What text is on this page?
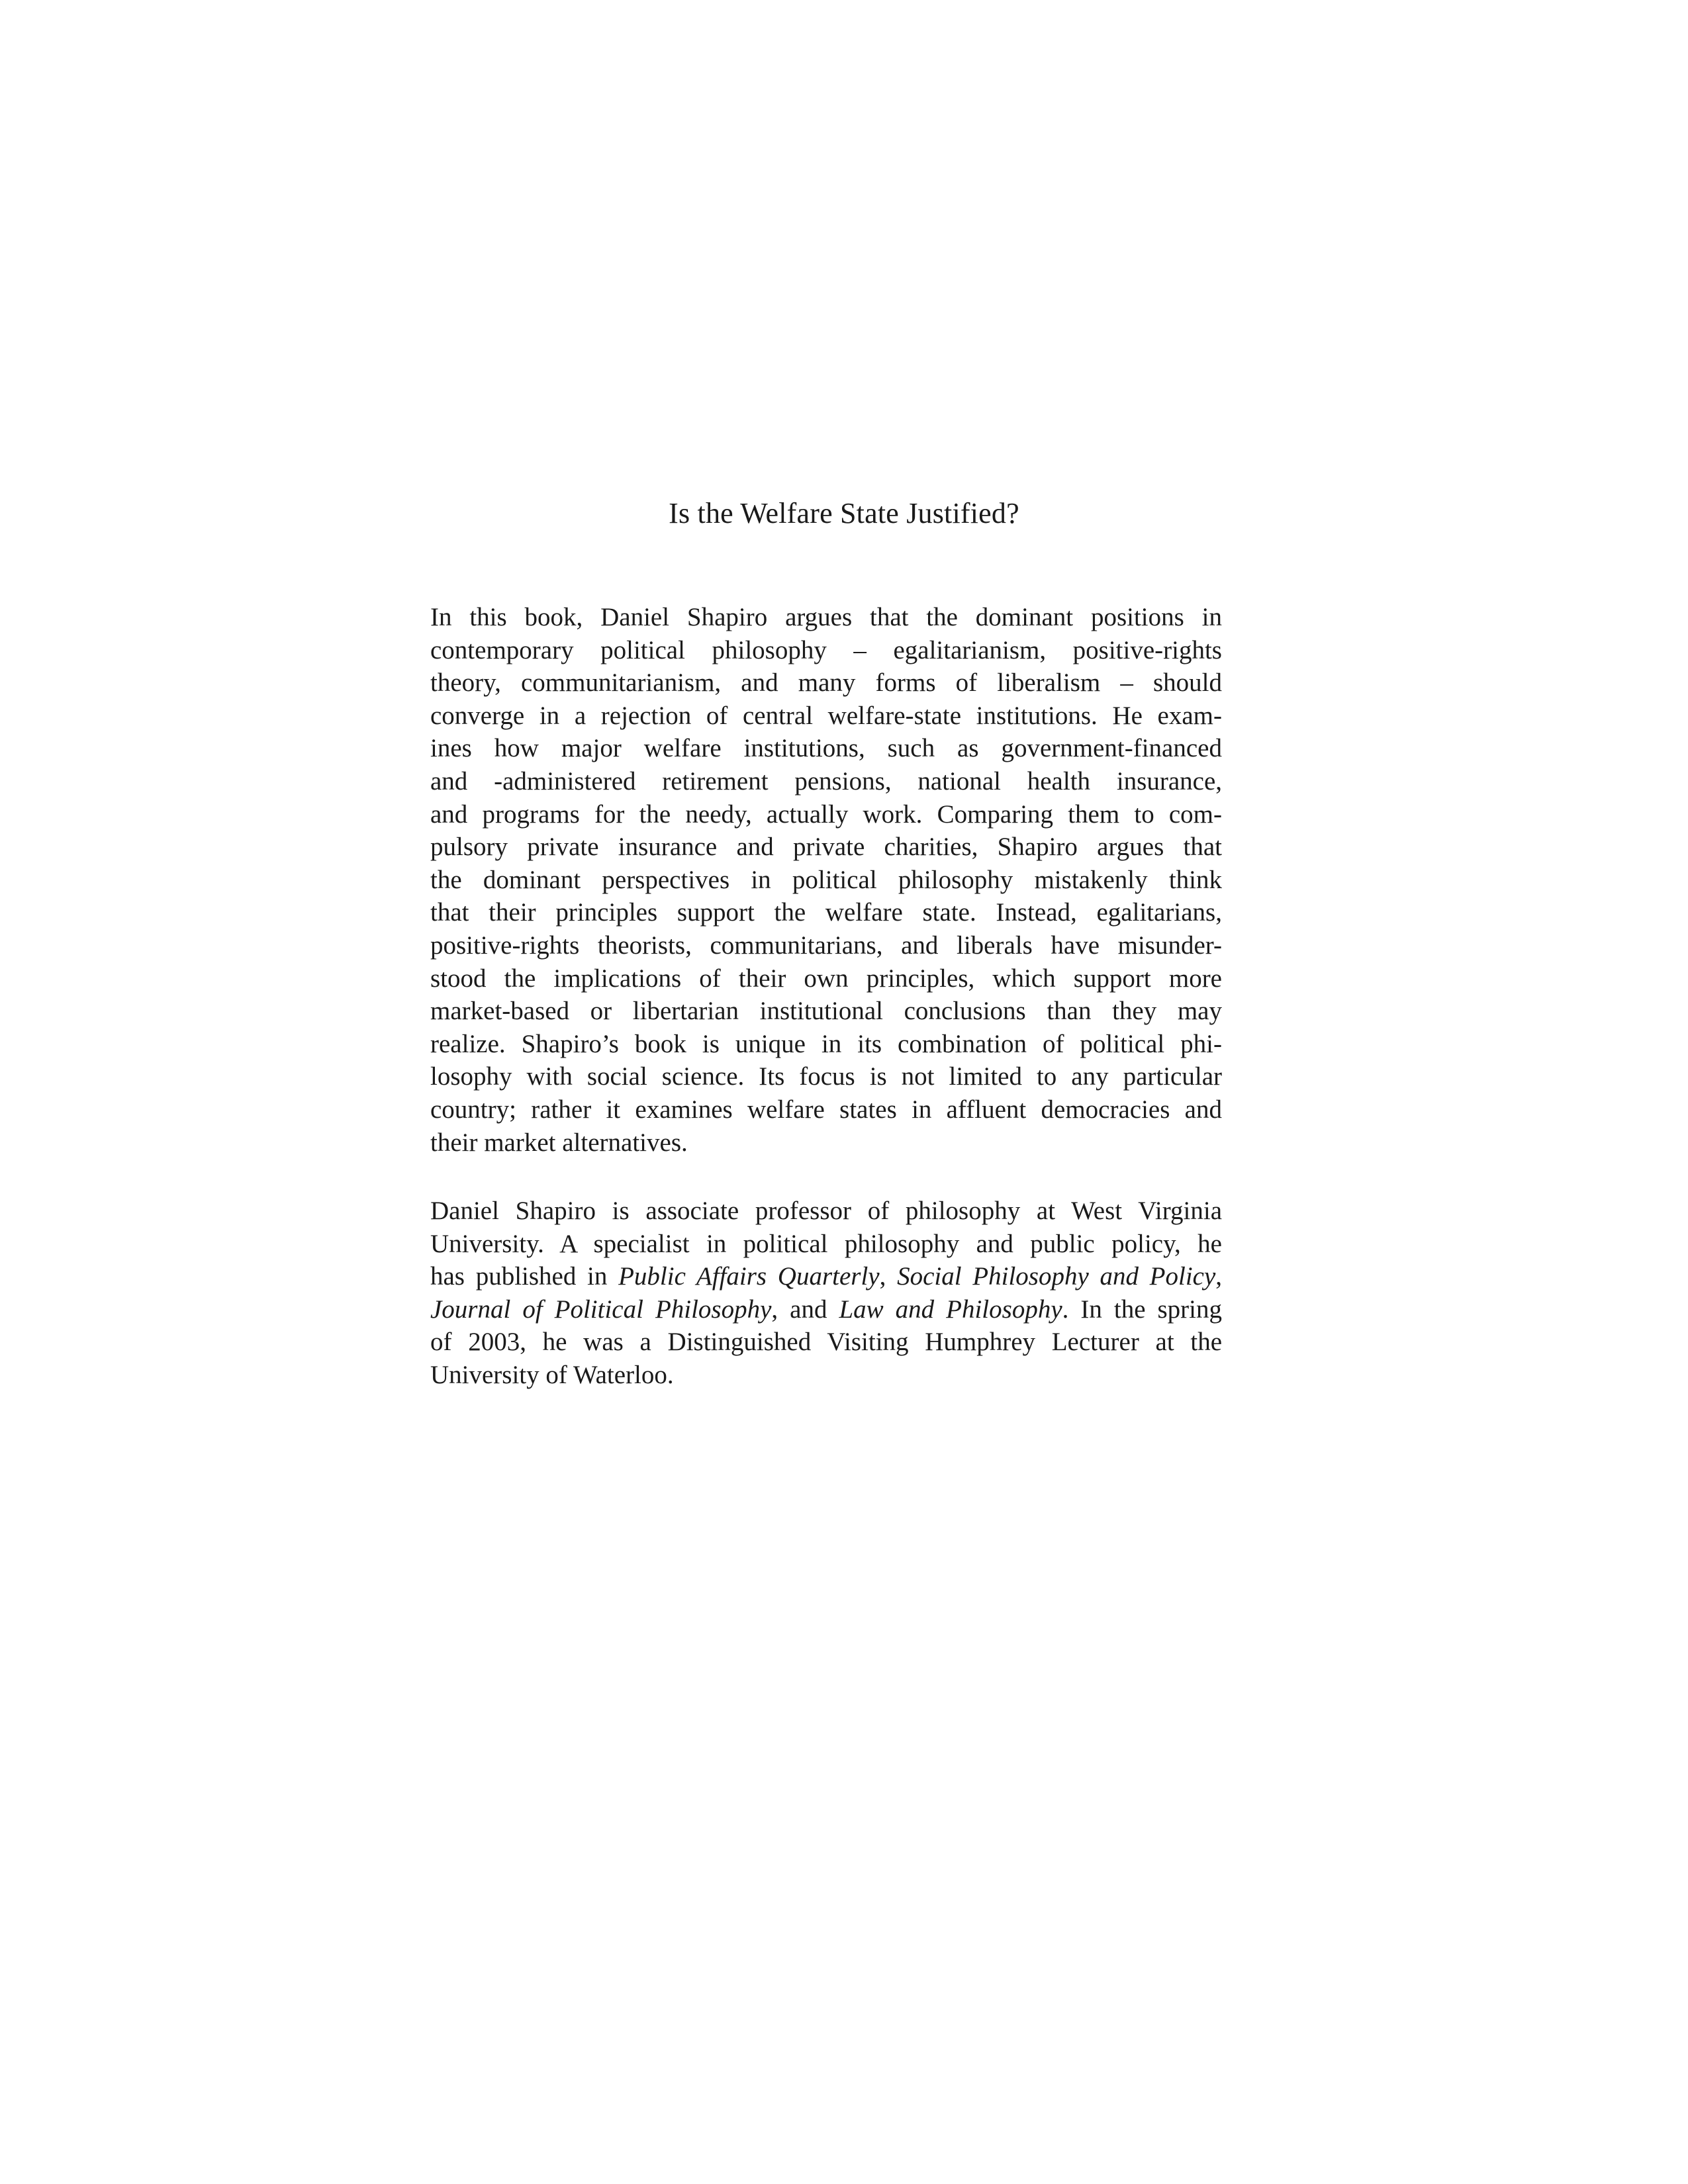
Is the Welfare State Justified?
In this book, Daniel Shapiro argues that the dominant positions in
contemporary political philosophy – egalitarianism, positive-rights
theory, communitarianism, and many forms of liberalism – should
converge in a rejection of central welfare-state institutions. He exam-
ines how major welfare institutions, such as government-financed
and -administered retirement pensions, national health insurance,
and programs for the needy, actually work. Comparing them to com-
pulsory private insurance and private charities, Shapiro argues that
the dominant perspectives in political philosophy mistakenly think
that their principles support the welfare state. Instead, egalitarians,
positive-rights theorists, communitarians, and liberals have misunder-
stood the implications of their own principles, which support more
market-based or libertarian institutional conclusions than they may
realize. Shapiro’s book is unique in its combination of political phi-
losophy with social science. Its focus is not limited to any particular
country; rather it examines welfare states in affluent democracies and
their market alternatives.
Daniel Shapiro is associate professor of philosophy at West Virginia
University. A specialist in political philosophy and public policy, he
has published in Public Affairs Quarterly, Social Philosophy and Policy,
Journal of Political Philosophy, and Law and Philosophy. In the spring
of 2003, he was a Distinguished Visiting Humphrey Lecturer at the
University of Waterloo.
